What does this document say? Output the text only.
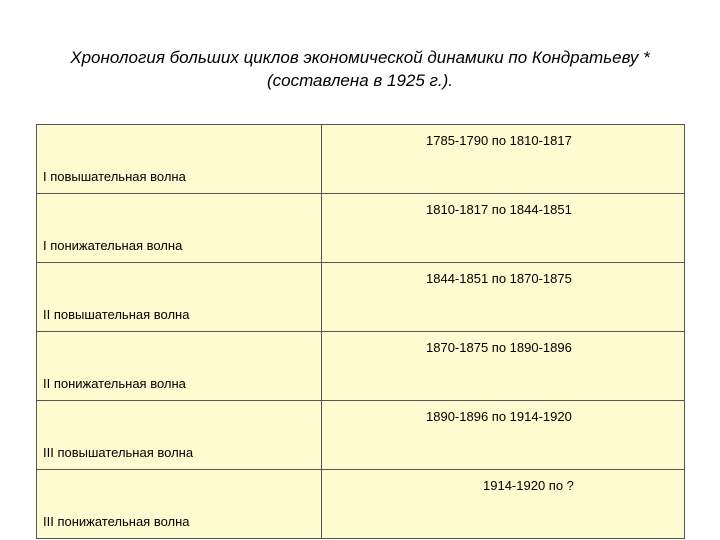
Хронология больших циклов экономической динамики по Кондратьеву *
(составлена в 1925 г.).
I повышательная волна	1785-1790 по 1810-1817
I понижательная волна	1810-1817 по 1844-1851
II повышательная волна	1844-1851 по 1870-1875
II понижательная волна	1870-1875 по 1890-1896
III повышательная волна	1890-1896 по 1914-1920
III понижательная волна	1914-1920 по ?
